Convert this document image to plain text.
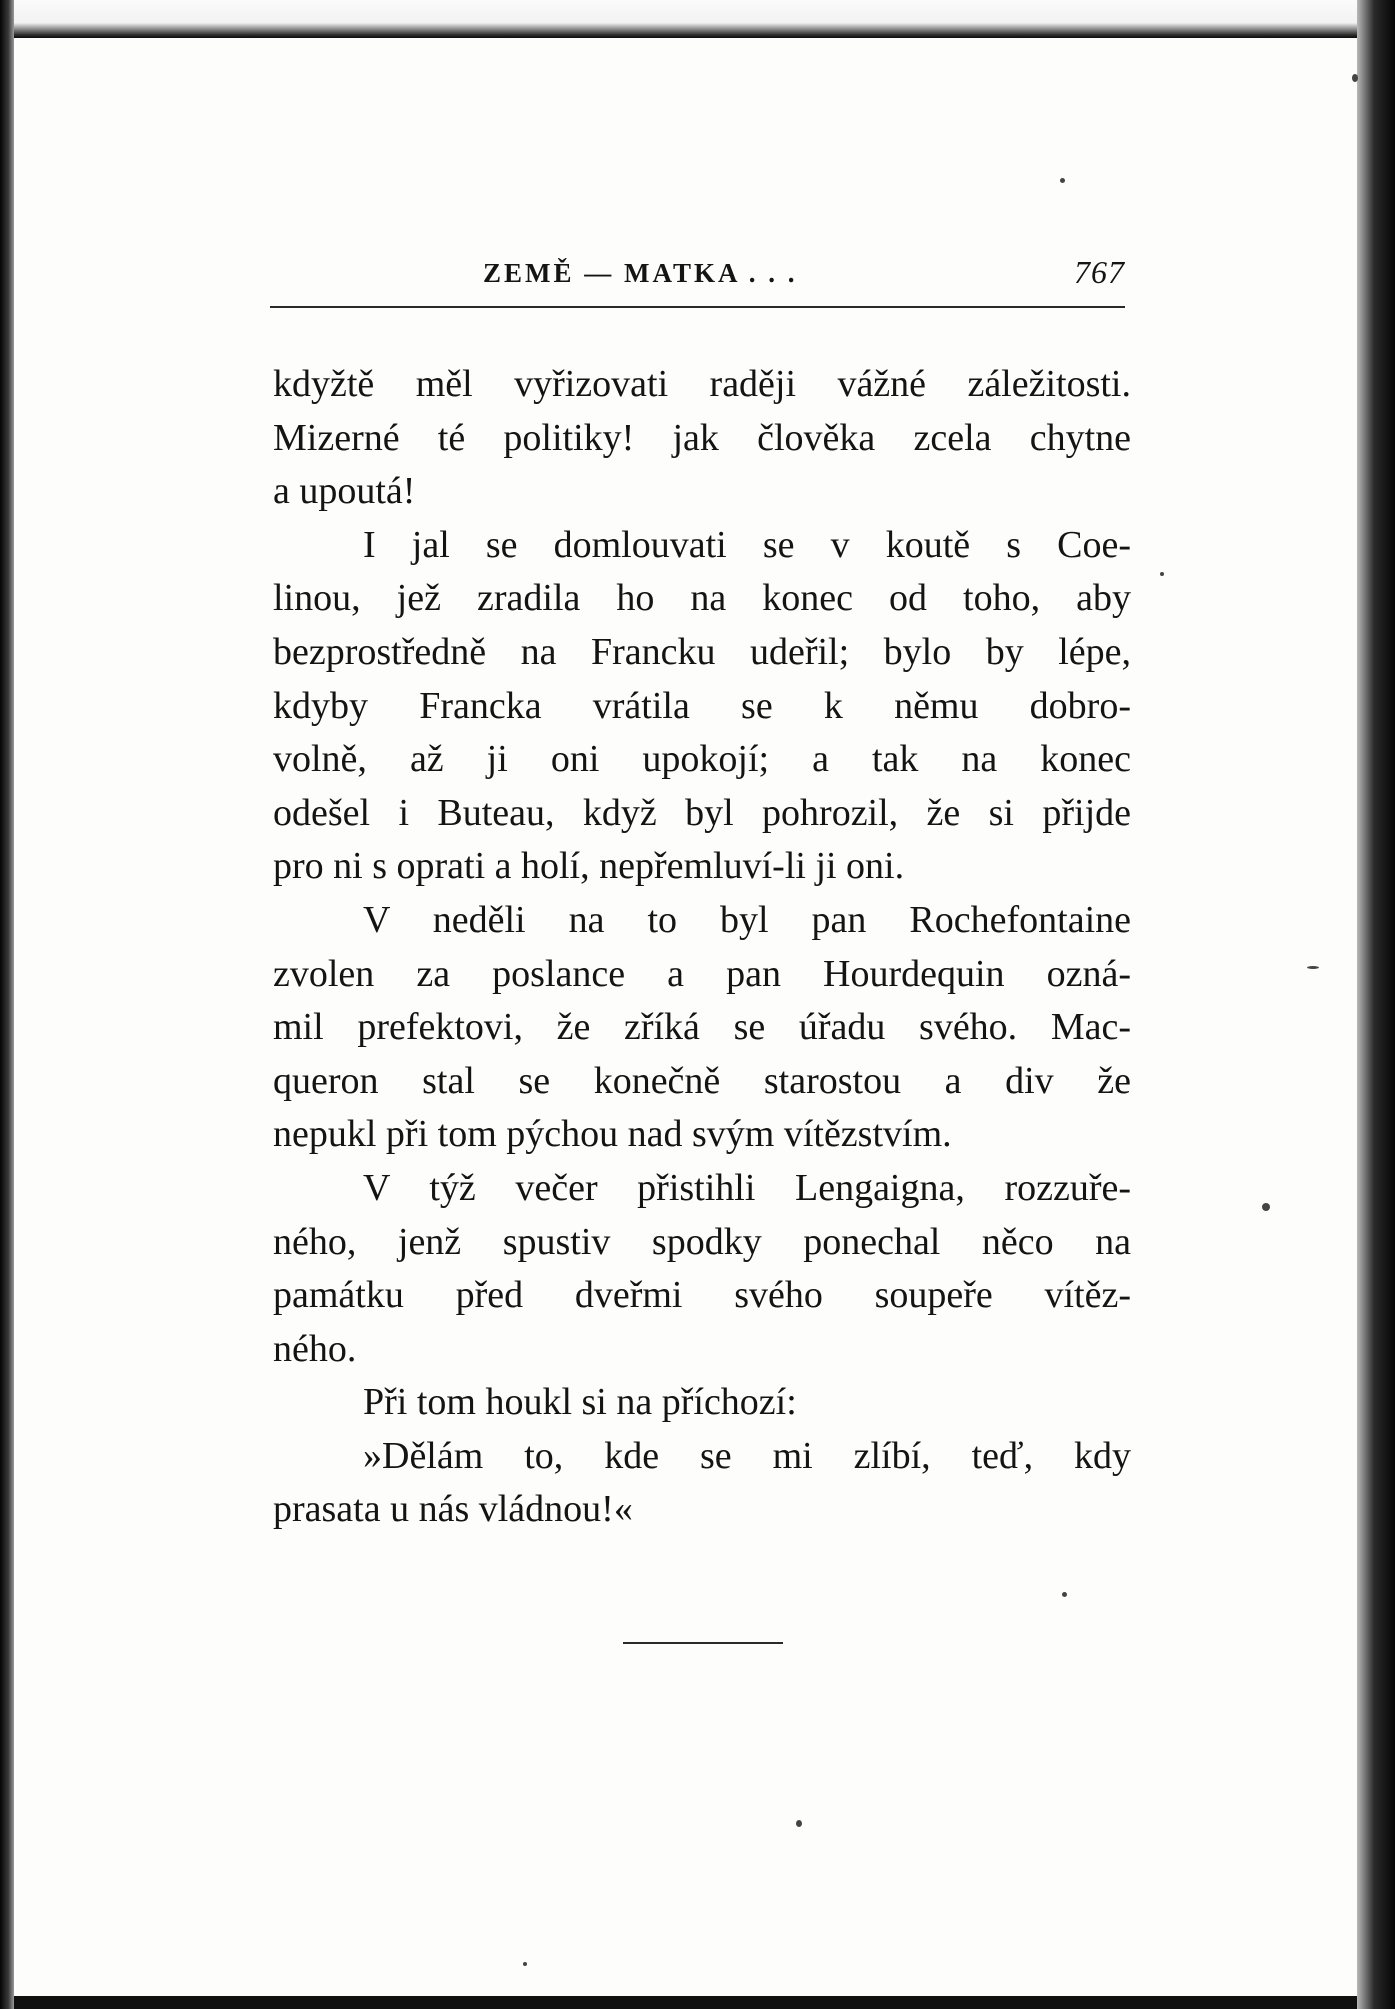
ZEMĚ — MATKA . . .	767
kdyžtě měl vyřizovati raději vážné záležitosti.
Mizerné té politiky! jak člověka zcela chytne
a upoutá!
I jal se domlouvati se v koutě s Coe-
linou, jež zradila ho na konec od toho, aby
bezprostředně na Francku udeřil; bylo by lépe,
kdyby Francka vrátila se k němu dobro-
volně, až ji oni upokojí; a tak na konec
odešel i Buteau, když byl pohrozil, že si přijde
pro ni s oprati a holí, nepřemluví-li ji oni.
V neděli na to byl pan Rochefontaine
zvolen za poslance a pan Hourdequin ozná-
mil prefektovi, že zříká se úřadu svého. Mac-
queron stal se konečně starostou a div že
nepukl při tom pýchou nad svým vítězstvím.
V týž večer přistihli Lengaigna, rozzuře-
ného, jenž spustiv spodky ponechal něco na
památku před dveřmi svého soupeře vítěz-
ného.
Při tom houkl si na příchozí:
»Dělám to, kde se mi zlíbí, teď, kdy
prasata u nás vládnou!«
